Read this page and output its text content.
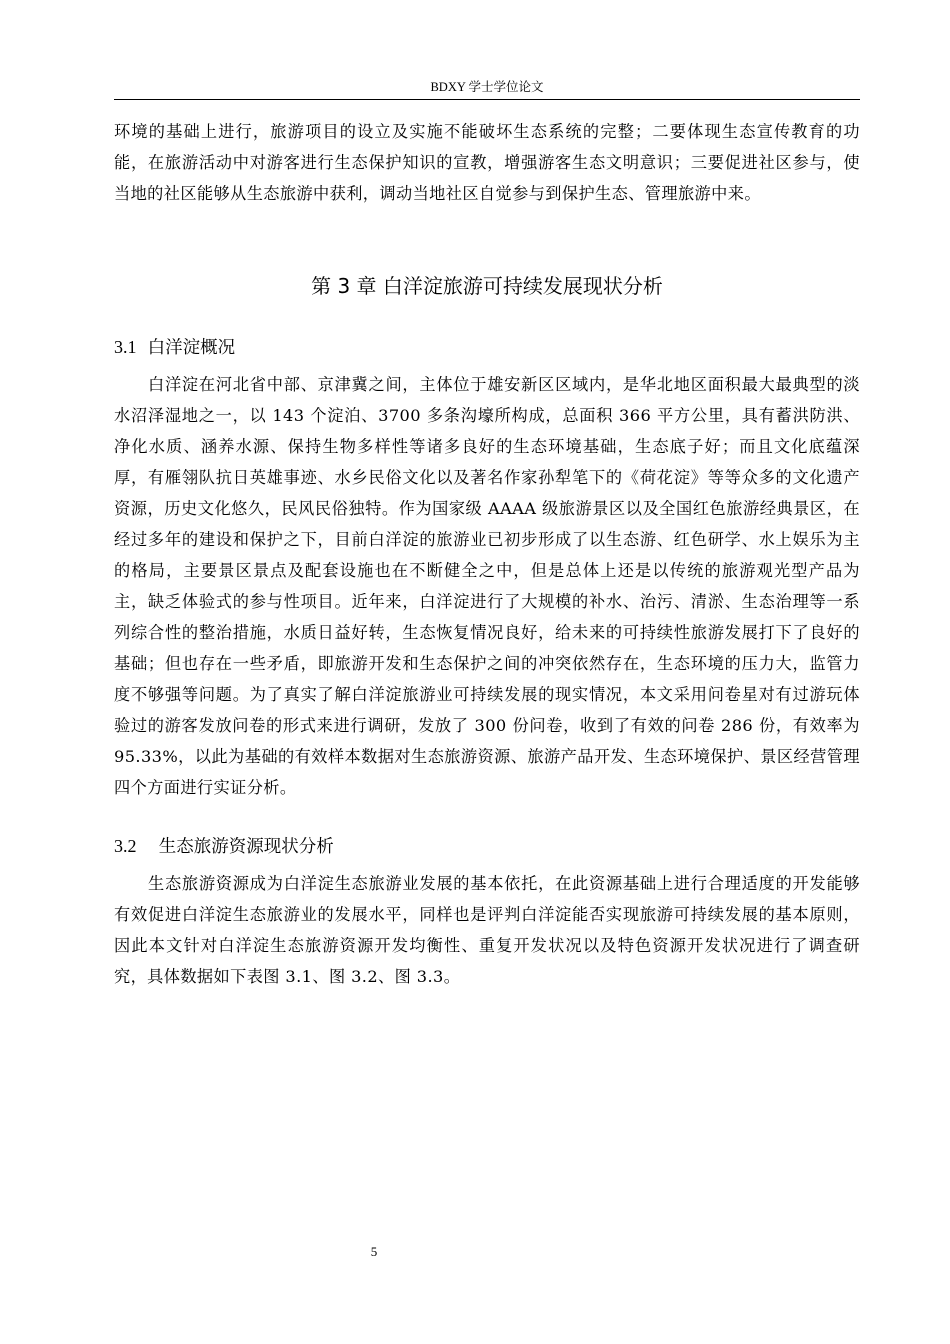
BDXY 学士学位论文

环境的基础上进行，旅游项目的设立及实施不能破坏生态系统的完整；二要体现生态宣传教育的功能，在旅游活动中对游客进行生态保护知识的宣教，增强游客生态文明意识；三要促进社区参与，使当地的社区能够从生态旅游中获利，调动当地社区自觉参与到保护生态、管理旅游中来。

第 3 章 白洋淀旅游可持续发展现状分析
3.1 白洋淀概况

白洋淀在河北省中部、京津冀之间，主体位于雄安新区区域内，是华北地区面积最大最典型的淡水沼泽湿地之一，以 143 个淀泊、3700 多条沟壕所构成，总面积 366 平方公里，具有蓄洪防洪、净化水质、涵养水源、保持生物多样性等诸多良好的生态环境基础，生态底子好；而且文化底蕴深厚，有雁翎队抗日英雄事迹、水乡民俗文化以及著名作家孙犁笔下的《荷花淀》等等众多的文化遗产资源，历史文化悠久，民风民俗独特。作为国家级 AAAA 级旅游景区以及全国红色旅游经典景区，在经过多年的建设和保护之下，目前白洋淀的旅游业已初步形成了以生态游、红色研学、水上娱乐为主的格局，主要景区景点及配套设施也在不断健全之中，但是总体上还是以传统的旅游观光型产品为主，缺乏体验式的参与性项目。近年来，白洋淀进行了大规模的补水、治污、清淤、生态治理等一系列综合性的整治措施，水质日益好转，生态恢复情况良好，给未来的可持续性旅游发展打下了良好的基础；但也存在一些矛盾，即旅游开发和生态保护之间的冲突依然存在，生态环境的压力大，监管力度不够强等问题。为了真实了解白洋淀旅游业可持续发展的现实情况，本文采用问卷星对有过游玩体验过的游客发放问卷的形式来进行调研，发放了 300 份问卷，收到了有效的问卷 286 份，有效率为 95.33%，以此为基础的有效样本数据对生态旅游资源、旅游产品开发、生态环境保护、景区经营管理四个方面进行实证分析。

3.2 生态旅游资源现状分析

生态旅游资源成为白洋淀生态旅游业发展的基本依托，在此资源基础上进行合理适度的开发能够有效促进白洋淀生态旅游业的发展水平，同样也是评判白洋淀能否实现旅游可持续发展的基本原则，因此本文针对白洋淀生态旅游资源开发均衡性、重复开发状况以及特色资源开发状况进行了调查研究，具体数据如下表图 3.1、图 3.2、图 3.3。

5
